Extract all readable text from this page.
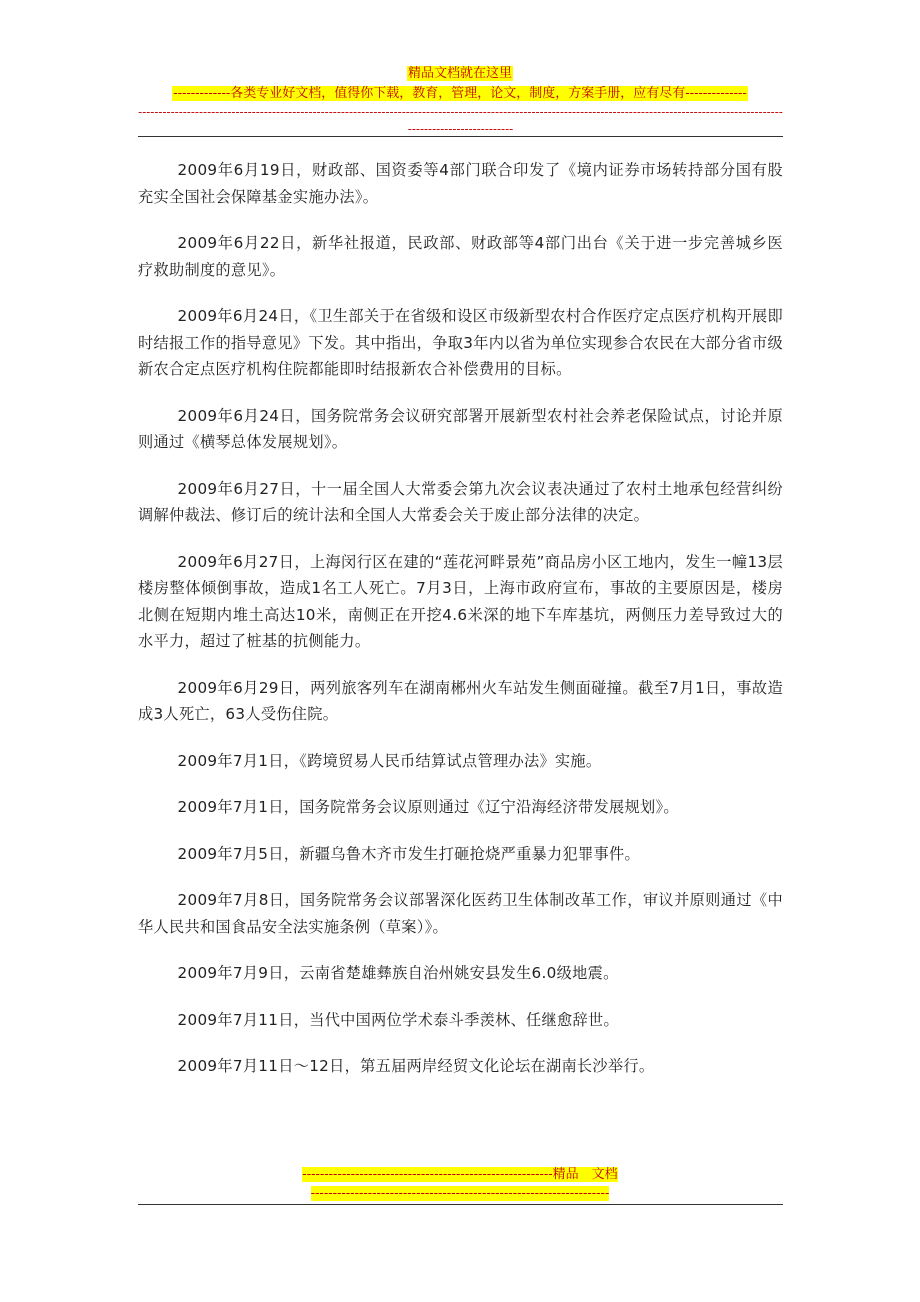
精品文档就在这里
-------------各类专业好文档，值得你下载，教育，管理，论文，制度，方案手册，应有尽有--------------
-----------------------------------------------------------------------------------------------------------------------------------------------------------------------------------------

2009年6月19日，财政部、国资委等4部门联合印发了《境内证券市场转持部分国有股充实全国社会保障基金实施办法》。

2009年6月22日，新华社报道，民政部、财政部等4部门出台《关于进一步完善城乡医疗救助制度的意见》。

2009年6月24日，《卫生部关于在省级和设区市级新型农村合作医疗定点医疗机构开展即时结报工作的指导意见》下发。其中指出，争取3年内以省为单位实现参合农民在大部分省市级新农合定点医疗机构住院都能即时结报新农合补偿费用的目标。

2009年6月24日，国务院常务会议研究部署开展新型农村社会养老保险试点，讨论并原则通过《横琴总体发展规划》。

2009年6月27日，十一届全国人大常委会第九次会议表决通过了农村土地承包经营纠纷调解仲裁法、修订后的统计法和全国人大常委会关于废止部分法律的决定。

2009年6月27日，上海闵行区在建的“莲花河畔景苑”商品房小区工地内，发生一幢13层楼房整体倾倒事故，造成1名工人死亡。7月3日，上海市政府宣布，事故的主要原因是，楼房北侧在短期内堆土高达10米，南侧正在开挖4.6米深的地下车库基坑，两侧压力差导致过大的水平力，超过了桩基的抗侧能力。

2009年6月29日，两列旅客列车在湖南郴州火车站发生侧面碰撞。截至7月1日，事故造成3人死亡，63人受伤住院。

2009年7月1日，《跨境贸易人民币结算试点管理办法》实施。

2009年7月1日，国务院常务会议原则通过《辽宁沿海经济带发展规划》。

2009年7月5日，新疆乌鲁木齐市发生打砸抢烧严重暴力犯罪事件。

2009年7月8日，国务院常务会议部署深化医药卫生体制改革工作，审议并原则通过《中华人民共和国食品安全法实施条例（草案）》。

2009年7月9日，云南省楚雄彝族自治州姚安县发生6.0级地震。

2009年7月11日，当代中国两位学术泰斗季羡林、任继愈辞世。

2009年7月11日～12日，第五届两岸经贸文化论坛在湖南长沙举行。

---------------------------------------------------------精品　文档
--------------------------------------------------------------------
